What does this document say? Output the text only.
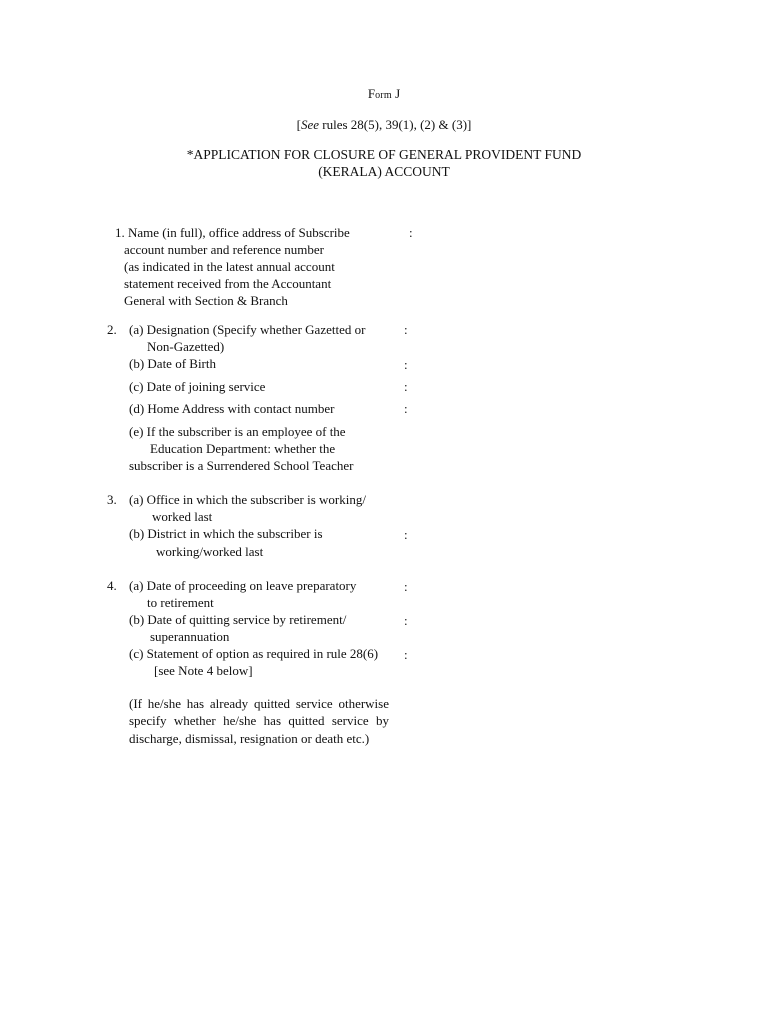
Form J
[See rules 28(5), 39(1), (2) & (3)]
*APPLICATION FOR CLOSURE OF GENERAL PROVIDENT FUND
(KERALA) ACCOUNT
1. Name (in full), office address of Subscribe
account number and reference number
(as indicated in the latest annual account
statement received from the Accountant
General with Section & Branch
:
2. (a) Designation (Specify whether Gazetted or
Non-Gazetted)
:
(b) Date of Birth	:
(c) Date of joining service	:
(d) Home Address with contact number	:
(e) If the subscriber is an employee of the
Education Department: whether the
subscriber is a Surrendered School Teacher
3. (a) Office in which the subscriber is working/
worked last
(b) District in which the subscriber is
working/worked last
:
4. (a) Date of proceeding on leave preparatory
to retirement
:
(b) Date of quitting service by retirement/
superannuation
:
(c) Statement of option as required in rule 28(6)
[see Note 4 below]
:
(If he/she has already quitted service otherwise specify whether he/she has quitted service by discharge, dismissal, resignation or death etc.)
